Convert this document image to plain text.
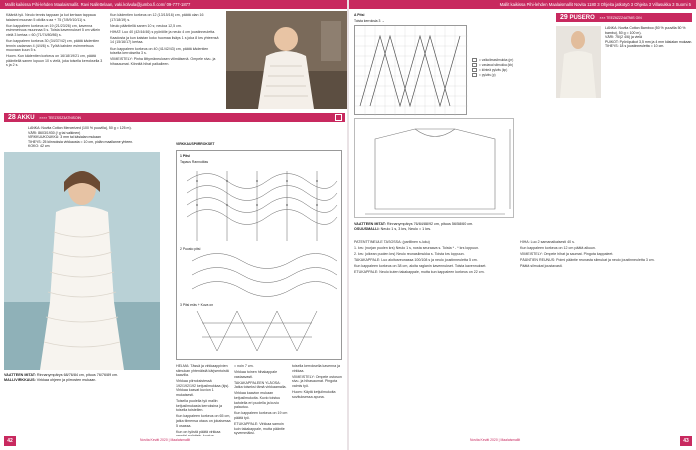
Mallit kaikissa Pihi-lehden Maalaismallit. Ravi Nallettelaan, vaki.kolvula@jumbo.fi.com/ 09-777-1877	Mallit kaikissa Pihi-lehden Maalaismallit Novita 1180 3 Ohjeita jatkotyö 3 Ohjeita 3 Villasukka 3 Suomi 5

Kääntä työ. Neulo tennis tappaan ja kut kertaan tappaua taiaiami muunan 5 oikilla s:aa + 75 (7/8/9/10/11) s.

Kun kappaleen korkeus on 19 (21/23/26) cm, kavenna esimmetruus muunnaa 5 s. Toista kavennukset 5 cm välein vielä 3 kertaa = 60 (71/74/80/86) s.

Kun kappaleen korkeus 30 (34/37/42) cm, päätä kädentien tennin cadaman 4 (4/4/6) s. Työtä kahden esimmetruus muuvaan kuun 5 s.

Huom. Kun kädentien korkeus on 16/18/19/21 cm, päätä pääntiellä sanen lopuun 10 s vielä, joka toisella kerroksella 3 s ja 2 s.

Kun kädentien korkeus on 12 (13/15/16) cm, päätä olan 16 (17/18/19) s.

Neulo pääntiellä sanen 10 s; neuloa 12,5 cm.

HIHAT: Luo 40 (42/44/46) s pyöröille ja neulo 4 cm joustinneuletta.

Kaadosta ja kun kaistan koko huomaa lisäys 1 s joka 8 krs yhteensä 14 (15/16/17) kertaa.

Kun kappaleen korkeus on 40 (41/42/43) cm, päätä kädentien toiselta kerrokselta 3 s.

VIIMEISTELY: Pinha liittymäneulosen viiimäisenä. Ompele sivu- ja hihasaumat. Kiinnitä hihat paikalleen.

28 AKKU ×××× TEEZSSZ3ATNISOIN
LANKA: Novita Cotton Mercerized (100 % puuvilla), 50 g = 125 m).
VÄRI: 8603/1930 (/ g tai valkinen)
VIRKKUUKOUKKU: 3 mm tai käsialan mukaan
TIHEYS: 25 kiinnoksia virkkausta = 10 cm, pidän maallanne yhteen.
KOKO: 42 cm
VAATTEEN MITAT: Rinnanympärys 68/76/84 cm, pituus 76/76/89 cm.
MALLIVIRKKAUS: Virkkaa ohjeen ja piirrosten mukaan.
VIRKKAUSPIIRROKSET
1 Pitsi
Tapaus Rannutäss
2 Puusto pitsi
3 Pitsi eräs + Kuva on

HELMA: Tässä ja virkkaappivien silmukan yhtenäistä kärjsentoistä kaavilla.

Virkkaa piirroksistessä 192/192/192 ketjusilmukkaa (kjs). Virkkaa kasvat kuvion 1 mukaisesti.

Toisella puolella työ mallin ketjusilmukasta kerroksina ja toisella toistellen.

Kun kappaleen korkeus on 65 cm, jatka tiimensa otaus on jokaisessa 5 osassa.

Kun on työstä päätä virkkaa

= noin 7 cm.

Virkkaa toinen hihakappale vastaavasti.

TAKAKAPPALEEN YLÄOSA: Jatka toiseksi tämä virkkaamalla.

Virkkaa kaavion mukaan ketjusilmukoita. Kuvio toistuu kahdella eri puolella ja kuvio palautuu.

Kun kappaleen korkeus on 19 cm päätä työ.

ETUKAPPALE: Virkkaa samoin kuin takakappale, mutta pääntie syvemmäksi.

toisella kerroksella kavenna ja virkkaa.

VIIMEISTELY: Ompele ostoson sivu- ja hihasaumat. Pingota valmis työ.

Huom: Käytä ketjuilmukoita sovituksessa apuna.

42	Novita Kevät 2020 | Maalaismallit
A Pitsi
Toista kerroksia 3 →
= valkoilmasilmukka (pr)
= vastaval silmukka (kb)
= kiinteä pylväs (kp)
= pylväs (p)
29 PUSERO ××× TEEZ6ZZZ4ATNIS OIN
LANKA: Novita Cotton Bamboo (50 % puuvilla 50 % bambu), 50 g = 100 m).
VÄRI: 75/(2 4/6) ja vielä
PUIKOT: Pyöröpuikot 3,5 mm ja 4 mm käsialan mukaan.
TIHEYS: 18 s joustinneuletta = 10 cm.
VAATTEEN MITAT: Rinnanympärys 76/84/88/92 cm, pituus 56/58/60 cm.
OSUUSMALLI: Neulo 1 s, 3 krs, Neulo = 1 krs.

PATENTTINEULE TASOSSA: (parillinen s-luku)

1. krs: (nurjan puolen krs) Neulo 1 s, nosta seuraava s. Toista * - * krs loppuun.

2. krs: (oikean puolen krs) Neulo reunasilmukka s. Toista krs loppuun.

TAKAKAPPALE: Luo aloitusreunassa 100/108 s ja neulo joustinneuletta 5 cm.

Kun kappaleen korkeus on 38 cm, aloita raglanin kavennukset. Toista kavennukset.

ETUKAPPALE: Neulo kuten takakappale, mutta kun kappaleen korkeus on 22 cm.

HIHA: Luo 2 samanaikaisesti 40 s.

Kun kappaleen korkeus on 12 cm päätä alkuun.

VIIMEISTELY: Ompele hihat ja saumat. Pingota kappaleet.

PÄÄNTIEN REUNUS: Poimi pääntie reunasta silmukat ja neulo joustinneuletta 3 cm.

Päätä silmukat joustavasti.

Novita Kevät 2020 | Maalaismallit	43
